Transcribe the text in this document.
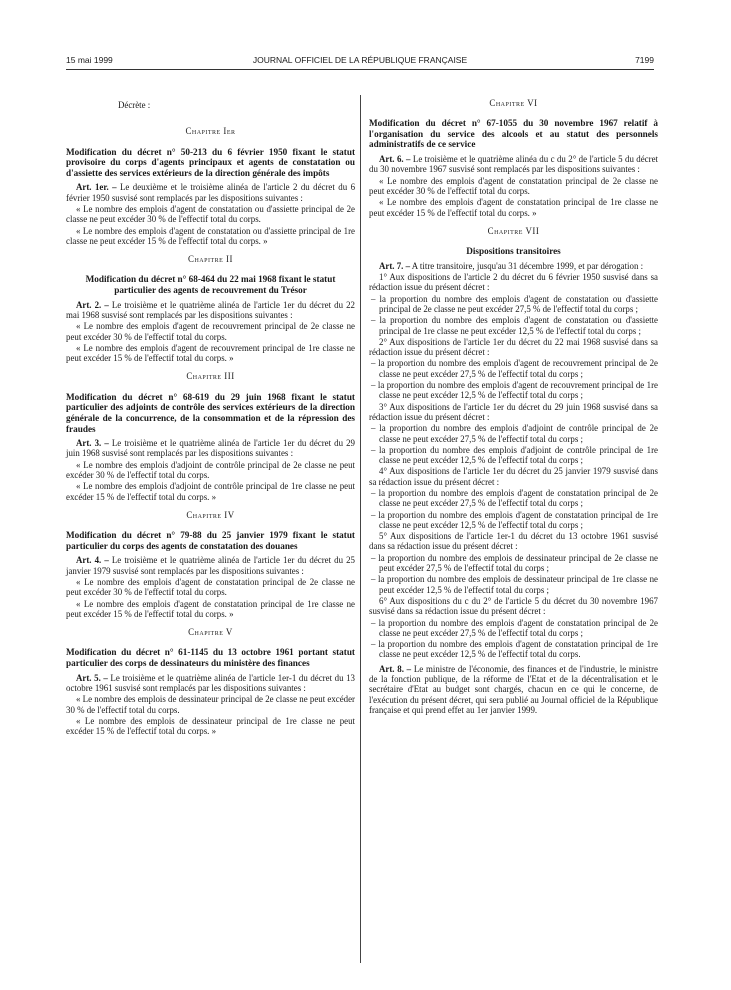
15 mai 1999	JOURNAL OFFICIEL DE LA RÉPUBLIQUE FRANÇAISE	7199

Décrète :

Chapitre Ier

Modification du décret n° 50-213 du 6 février 1950 fixant le statut provisoire du corps d'agents principaux et agents de constatation ou d'assiette des services extérieurs de la direction générale des impôts

Art. 1er. – Le deuxième et le troisième alinéa de l'article 2 du décret du 6 février 1950 susvisé sont remplacés par les dispositions suivantes :

« Le nombre des emplois d'agent de constatation ou d'assiette principal de 2e classe ne peut excéder 30 % de l'effectif total du corps.

« Le nombre des emplois d'agent de constatation ou d'assiette principal de 1re classe ne peut excéder 15 % de l'effectif total du corps. »

Chapitre II

Modification du décret n° 68-464 du 22 mai 1968 fixant le statut particulier des agents de recouvrement du Trésor

Art. 2. – Le troisième et le quatrième alinéa de l'article 1er du décret du 22 mai 1968 susvisé sont remplacés par les dispositions suivantes :

« Le nombre des emplois d'agent de recouvrement principal de 2e classe ne peut excéder 30 % de l'effectif total du corps.

« Le nombre des emplois d'agent de recouvrement principal de 1re classe ne peut excéder 15 % de l'effectif total du corps. »

Chapitre III

Modification du décret n° 68-619 du 29 juin 1968 fixant le statut particulier des adjoints de contrôle des services extérieurs de la direction générale de la concurrence, de la consommation et de la répression des fraudes

Art. 3. – Le troisième et le quatrième alinéa de l'article 1er du décret du 29 juin 1968 susvisé sont remplacés par les dispositions suivantes :

« Le nombre des emplois d'adjoint de contrôle principal de 2e classe ne peut excéder 30 % de l'effectif total du corps.

« Le nombre des emplois d'adjoint de contrôle principal de 1re classe ne peut excéder 15 % de l'effectif total du corps. »

Chapitre IV

Modification du décret n° 79-88 du 25 janvier 1979 fixant le statut particulier du corps des agents de constatation des douanes

Art. 4. – Le troisième et le quatrième alinéa de l'article 1er du décret du 25 janvier 1979 susvisé sont remplacés par les dispositions suivantes :

« Le nombre des emplois d'agent de constatation principal de 2e classe ne peut excéder 30 % de l'effectif total du corps.

« Le nombre des emplois d'agent de constatation principal de 1re classe ne peut excéder 15 % de l'effectif total du corps. »

Chapitre V

Modification du décret n° 61-1145 du 13 octobre 1961 portant statut particulier des corps de dessinateurs du ministère des finances

Art. 5. – Le troisième et le quatrième alinéa de l'article 1er-1 du décret du 13 octobre 1961 susvisé sont remplacés par les dispositions suivantes :

« Le nombre des emplois de dessinateur principal de 2e classe ne peut excéder 30 % de l'effectif total du corps.

« Le nombre des emplois de dessinateur principal de 1re classe ne peut excéder 15 % de l'effectif total du corps. »

Chapitre VI

Modification du décret n° 67-1055 du 30 novembre 1967 relatif à l'organisation du service des alcools et au statut des personnels administratifs de ce service

Art. 6. – Le troisième et le quatrième alinéa du c du 2° de l'article 5 du décret du 30 novembre 1967 susvisé sont remplacés par les dispositions suivantes :

« Le nombre des emplois d'agent de constatation principal de 2e classe ne peut excéder 30 % de l'effectif total du corps.

« Le nombre des emplois d'agent de constatation principal de 1re classe ne peut excéder 15 % de l'effectif total du corps. »

Chapitre VII

Dispositions transitoires

Art. 7. – A titre transitoire, jusqu'au 31 décembre 1999, et par dérogation :

1° Aux dispositions de l'article 2 du décret du 6 février 1950 susvisé dans sa rédaction issue du présent décret :

– la proportion du nombre des emplois d'agent de constatation ou d'assiette principal de 2e classe ne peut excéder 27,5 % de l'effectif total du corps ;

– la proportion du nombre des emplois d'agent de constatation ou d'assiette principal de 1re classe ne peut excéder 12,5 % de l'effectif total du corps ;

2° Aux dispositions de l'article 1er du décret du 22 mai 1968 susvisé dans sa rédaction issue du présent décret :

– la proportion du nombre des emplois d'agent de recouvrement principal de 2e classe ne peut excéder 27,5 % de l'effectif total du corps ;

– la proportion du nombre des emplois d'agent de recouvrement principal de 1re classe ne peut excéder 12,5 % de l'effectif total du corps ;

3° Aux dispositions de l'article 1er du décret du 29 juin 1968 susvisé dans sa rédaction issue du présent décret :

– la proportion du nombre des emplois d'adjoint de contrôle principal de 2e classe ne peut excéder 27,5 % de l'effectif total du corps ;

– la proportion du nombre des emplois d'adjoint de contrôle principal de 1re classe ne peut excéder 12,5 % de l'effectif total du corps ;

4° Aux dispositions de l'article 1er du décret du 25 janvier 1979 susvisé dans sa rédaction issue du présent décret :

– la proportion du nombre des emplois d'agent de constatation principal de 2e classe ne peut excéder 27,5 % de l'effectif total du corps ;

– la proportion du nombre des emplois d'agent de constatation principal de 1re classe ne peut excéder 12,5 % de l'effectif total du corps ;

5° Aux dispositions de l'article 1er-1 du décret du 13 octobre 1961 susvisé dans sa rédaction issue du présent décret :

– la proportion du nombre des emplois de dessinateur principal de 2e classe ne peut excéder 27,5 % de l'effectif total du corps ;

– la proportion du nombre des emplois de dessinateur principal de 1re classe ne peut excéder 12,5 % de l'effectif total du corps ;

6° Aux dispositions du c du 2° de l'article 5 du décret du 30 novembre 1967 susvisé dans sa rédaction issue du présent décret :

– la proportion du nombre des emplois d'agent de constatation principal de 2e classe ne peut excéder 27,5 % de l'effectif total du corps ;

– la proportion du nombre des emplois d'agent de constatation principal de 1re classe ne peut excéder 12,5 % de l'effectif total du corps.

Art. 8. – Le ministre de l'économie, des finances et de l'industrie, le ministre de la fonction publique, de la réforme de l'Etat et de la décentralisation et le secrétaire d'Etat au budget sont chargés, chacun en ce qui le concerne, de l'exécution du présent décret, qui sera publié au Journal officiel de la République française et qui prend effet au 1er janvier 1999.
